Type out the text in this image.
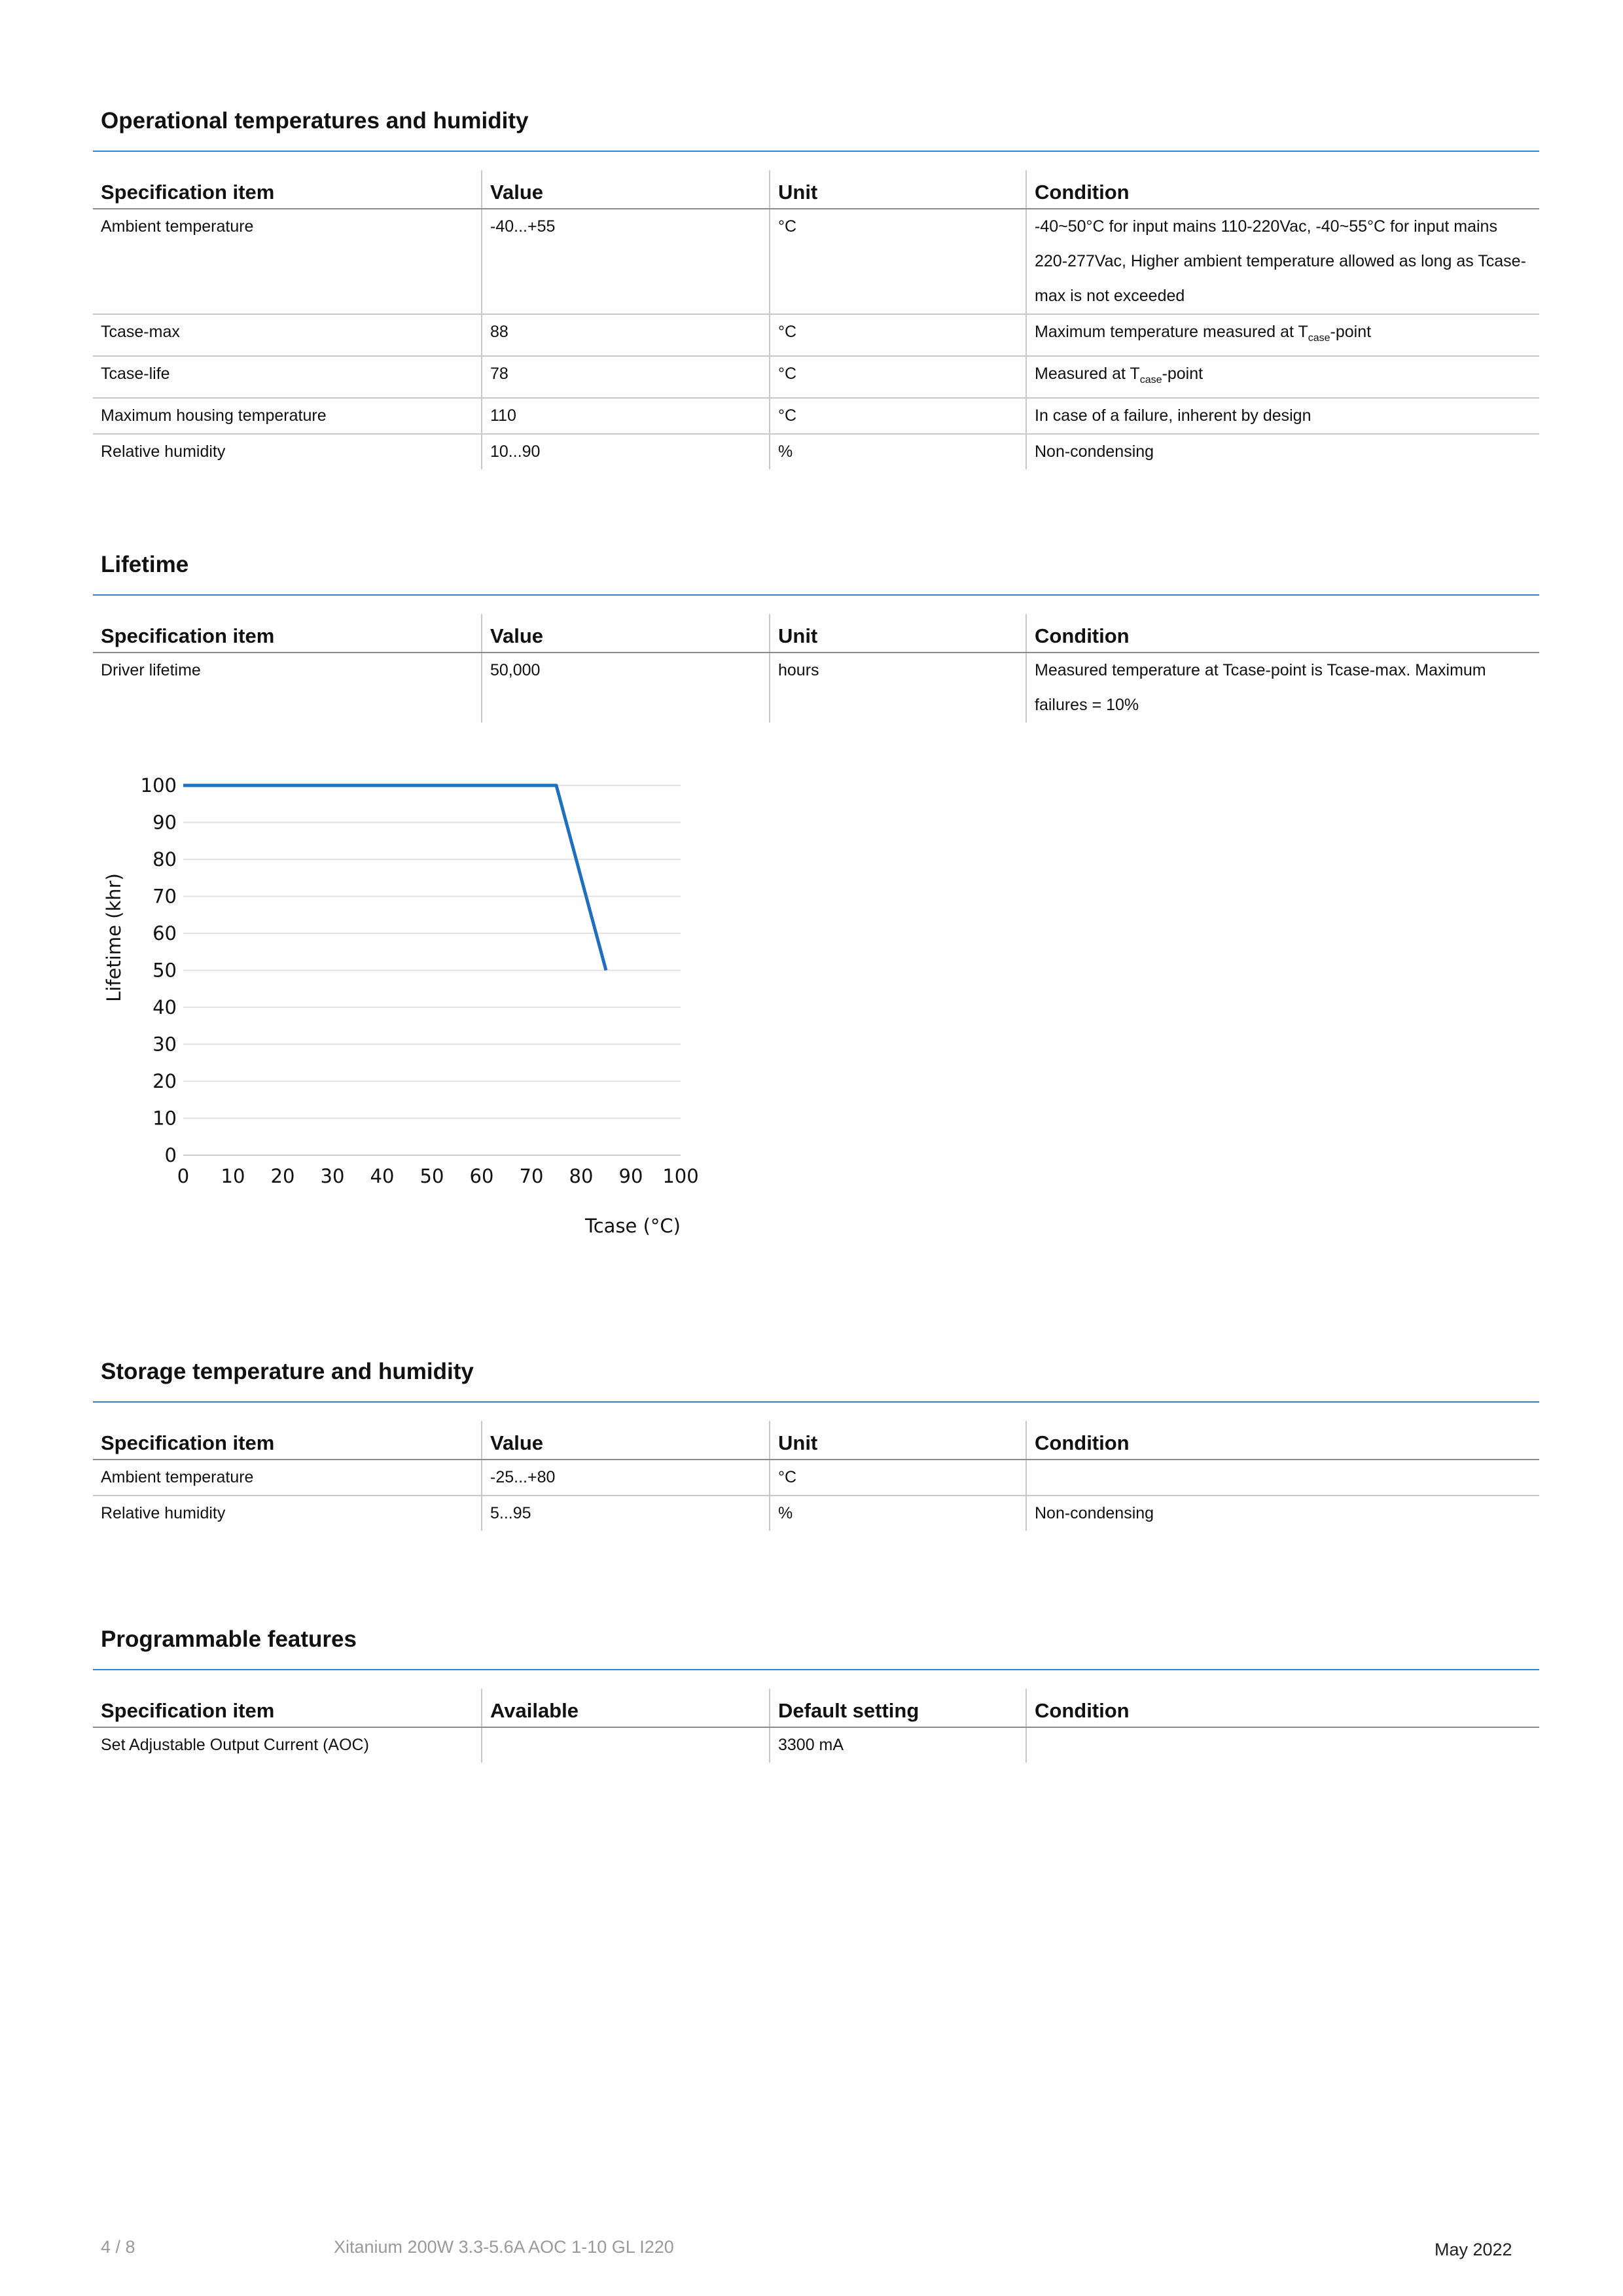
Operational temperatures and humidity
Specification item	Value	Unit	Condition
Ambient temperature	-40...+55	°C	-40~50°C for input mains 110-220Vac, -40~55°C for input mains 220-277Vac, Higher ambient temperature allowed as long as Tcase-max is not exceeded
Tcase-max	88	°C	Maximum temperature measured at $T_{case}$-point
Tcase-life	78	°C	Measured at $T_{case}$-point
Maximum housing temperature	110	°C	In case of a failure, inherent by design
Relative humidity	10...90	%	Non-condensing
Lifetime
Specification item	Value	Unit	Condition
Driver lifetime	50,000	hours	Measured temperature at Tcase-point is Tcase-max. Maximum failures = 10%
0
10
20
30
40
50
60
70
80
90
100
0 10 20 30 40 50 60 70 80 90 100
Tcase (°C)
Lifetime (khr)
Storage temperature and humidity
Specification item	Value	Unit	Condition
Ambient temperature	-25...+80	°C	
Relative humidity	5...95	%	Non-condensing
Programmable features
Specification item	Available	Default setting	Condition
Set Adjustable Output Current (AOC)		3300 mA	
4 / 8	Xitanium 200W 3.3-5.6A AOC 1-10 GL I220	May 2022
